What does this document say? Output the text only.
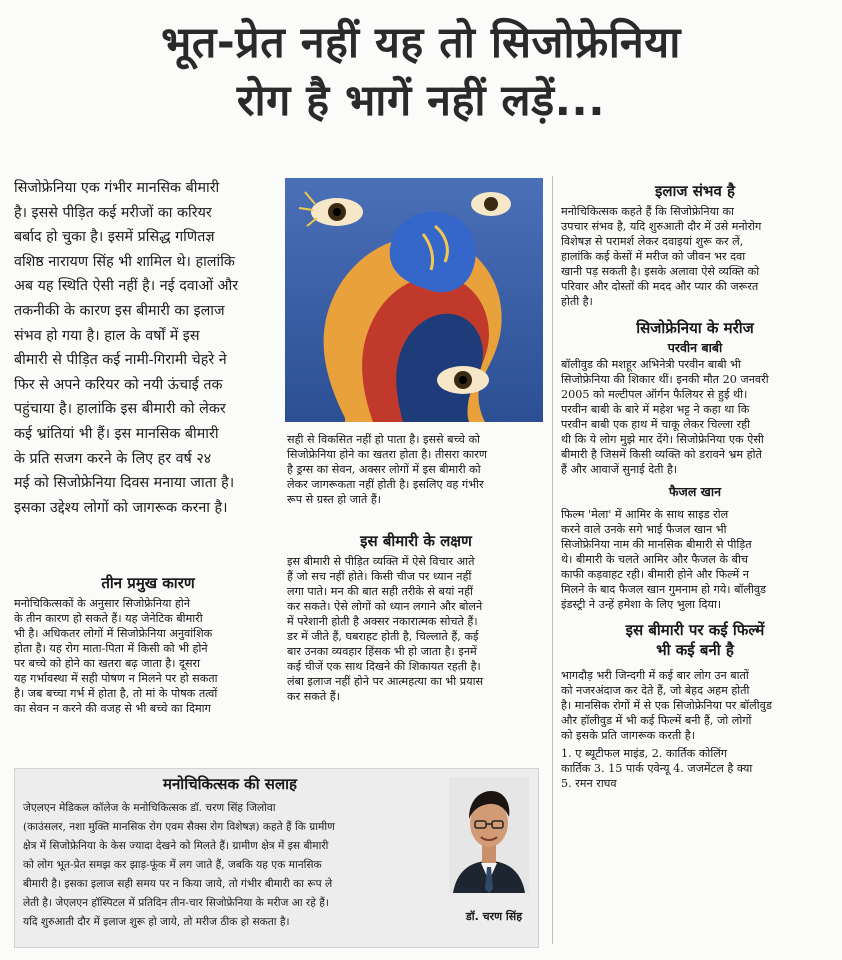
भूत-प्रेत नहीं यह तो सिजोफ्रेनिया
रोग है भागें नहीं लड़ें...
सिजोफ्रेनिया एक गंभीर मानसिक बीमारी
है। इससे पीड़ित कई मरीजों का करियर
बर्बाद हो चुका है। इसमें प्रसिद्ध गणितज्ञ
वशिष्ठ नारायण सिंह भी शामिल थे। हालांकि
अब यह स्थिति ऐसी नहीं है। नई दवाओं और
तकनीकी के कारण इस बीमारी का इलाज
संभव हो गया है। हाल के वर्षों में इस
बीमारी से पीड़ित कई नामी-गिरामी चेहरे ने
फिर से अपने करियर को नयी ऊंचाई तक
पहुंचाया है। हालांकि इस बीमारी को लेकर
कई भ्रांतियां भी हैं। इस मानसिक बीमारी
के प्रति सजग करने के लिए हर वर्ष २४
मई को सिजोफ्रेनिया दिवस मनाया जाता है।
इसका उद्देश्य लोगों को जागरूक करना है।
इलाज संभव है
मनोचिकित्सक कहते हैं कि सिजोफ्रेनिया का
उपचार संभव है, यदि शुरुआती दौर में उसे मनोरोग
विशेषज्ञ से परामर्श लेकर दवाइयां शुरू कर लें,
हालांकि कई केसों में मरीज को जीवन भर दवा
खानी पड़ सकती है। इसके अलावा ऐसे व्यक्ति को
परिवार और दोस्तों की मदद और प्यार की जरूरत
होती है।
सिजोफ्रेनिया के मरीज
परवीन बाबी
बॉलीवुड की मशहूर अभिनेत्री परवीन बाबी भी
सिजोफ्रेनिया की शिकार थीं। इनकी मौत 20 जनवरी
2005 को मल्टीपल ऑर्गन फैलियर से हुई थी।
परवीन बाबी के बारे में महेश भट्ट ने कहा था कि
परवीन बाबी एक हाथ में चाकू लेकर चिल्ला रही
थी कि ये लोग मुझे मार देंगे। सिजोफ्रेनिया एक ऐसी
बीमारी है जिसमें किसी व्यक्ति को डरावने भ्रम होते
हैं और आवाजें सुनाई देती है।
फैजल खान
फिल्म 'मेला' में आमिर के साथ साइड रोल
करने वाले उनके सगे भाई फैजल खान भी
सिजोफ्रेनिया नाम की मानसिक बीमारी से पीड़ित
थे। बीमारी के चलते आमिर और फैजल के बीच
काफी कड़वाहट रही। बीमारी होने और फिल्में न
मिलने के बाद फैजल खान गुमनाम हो गये। बॉलीवुड
इंडस्ट्री ने उन्हें हमेशा के लिए भुला दिया।
इस बीमारी पर कई फिल्में
भी कई बनी है
भागदौड़ भरी जिन्दगी में कई बार लोग उन बातों
को नजरअंदाज कर देते हैं, जो बेहद अहम होती
है। मानसिक रोगों में से एक सिजोफ्रेनिया पर बॉलीवुड
और हॉलीवुड में भी कई फिल्में बनी हैं, जो लोगों
को इसके प्रति जागरूक करती है।
1. ए ब्यूटीफल माइंड, 2. कार्तिक कोलिंग
कार्तिक 3. 15 पार्क एवेन्यू 4. जजमेंटल है क्या
5. रमन राघव
सही से विकसित नहीं हो पाता है। इससे बच्चे को
सिजोफ्रेनिया होने का खतरा होता है। तीसरा कारण
है ड्रग्स का सेवन, अक्सर लोगों में इस बीमारी को
लेकर जागरूकता नहीं होती है। इसलिए वह गंभीर
रूप से ग्रस्त हो जाते हैं।
इस बीमारी के लक्षण
इस बीमारी से पीड़ित व्यक्ति में ऐसे विचार आते
हैं जो सच नहीं होते। किसी चीज पर ध्यान नहीं
लगा पाते। मन की बात सही तरीके से बयां नहीं
कर सकते। ऐसे लोगों को ध्यान लगाने और बोलने
में परेशानी होती है अक्सर नकारात्मक सोचते हैं।
डर में जीते हैं, घबराहट होती है, चिल्लाते हैं, कई
बार उनका व्यवहार हिंसक भी हो जाता है। इनमें
कई चीजें एक साथ दिखने की शिकायत रहती है।
लंबा इलाज नहीं होने पर आत्महत्या का भी प्रयास
कर सकते हैं।
तीन प्रमुख कारण
मनोचिकित्सकों के अनुसार सिजोफ्रेनिया होने
के तीन कारण हो सकते हैं। यह जेनेटिक बीमारी
भी है। अधिकतर लोगों में सिजोफ्रेनिया अनुवांशिक
होता है। यह रोग माता-पिता में किसी को भी होने
पर बच्चे को होने का खतरा बढ़ जाता है। दूसरा
यह गर्भावस्था में सही पोषण न मिलने पर हो सकता
है। जब बच्चा गर्भ में होता है, तो मां के पोषक तत्वों
का सेवन न करने की वजह से भी बच्चे का दिमाग
मनोचिकित्सक की सलाह
जेएलएन मेडिकल कॉलेज के मनोचिकित्सक डॉ. चरण सिंह जिलोवा
(काउंसलर, नशा मुक्ति मानसिक रोग एवम सैक्स रोग विशेषज्ञ) कहते हैं कि ग्रामीण
क्षेत्र में सिजोफ्रेनिया के केस ज्यादा देखने को मिलते हैं। ग्रामीण क्षेत्र में इस बीमारी
को लोग भूत-प्रेत समझ कर झाड़-फूंक में लग जाते हैं, जबकि यह एक मानसिक
बीमारी है। इसका इलाज सही समय पर न किया जाये, तो गंभीर बीमारी का रूप ले
लेती है। जेएलएन हॉस्पिटल में प्रतिदिन तीन-चार सिजोफ्रेनिया के मरीज आ रहे हैं।
यदि शुरुआती दौर में इलाज शुरू हो जाये, तो मरीज ठीक हो सकता है।	डॉ. चरण सिंह
